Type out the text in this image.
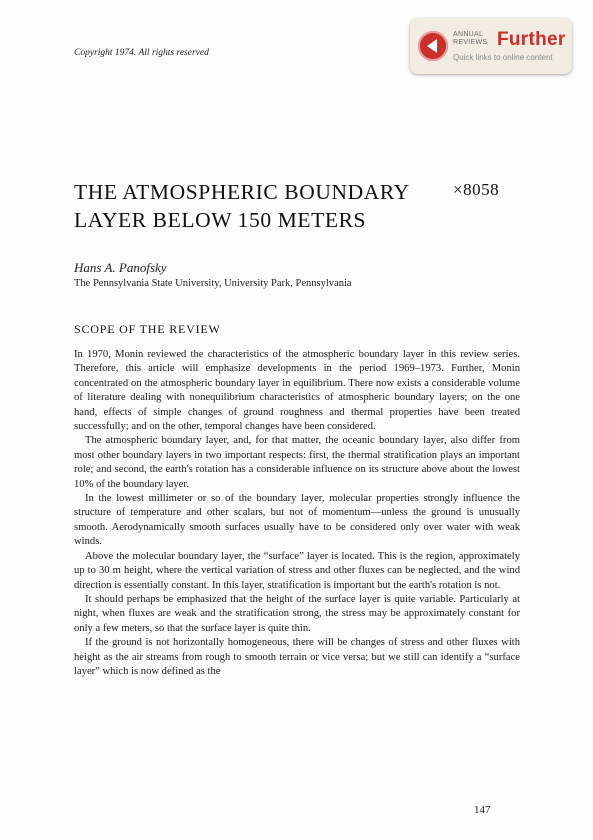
Copyright 1974. All rights reserved
ANNUAL
REVIEWS Further
Quick links to online content
THE ATMOSPHERIC BOUNDARY LAYER BELOW 150 METERS
×8058
Hans A. Panofsky
The Pennsylvania State University, University Park, Pennsylvania
SCOPE OF THE REVIEW

In 1970, Monin reviewed the characteristics of the atmospheric boundary layer in this review series. Therefore, this article will emphasize developments in the period 1969–1973. Further, Monin concentrated on the atmospheric boundary layer in equilibrium. There now exists a considerable volume of literature dealing with nonequilibrium characteristics of atmospheric boundary layers; on the one hand, effects of simple changes of ground roughness and thermal properties have been treated successfully; and on the other, temporal changes have been considered.

The atmospheric boundary layer, and, for that matter, the oceanic boundary layer, also differ from most other boundary layers in two important respects: first, the thermal stratification plays an important role; and second, the earth's rotation has a considerable influence on its structure above about the lowest 10% of the boundary layer.

In the lowest millimeter or so of the boundary layer, molecular properties strongly influence the structure of temperature and other scalars, but not of momentum—unless the ground is unusually smooth. Aerodynamically smooth surfaces usually have to be considered only over water with weak winds.

Above the molecular boundary layer, the “surface” layer is located. This is the region, approximately up to 30 m height, where the vertical variation of stress and other fluxes can be neglected, and the wind direction is essentially constant. In this layer, stratification is important but the earth's rotation is not.

It should perhaps be emphasized that the height of the surface layer is quite variable. Particularly at night, when fluxes are weak and the stratification strong, the stress may be approximately constant for only a few meters, so that the surface layer is quite thin.

If the ground is not horizontally homogeneous, there will be changes of stress and other fluxes with height as the air streams from rough to smooth terrain or vice versa; but we still can identify a “surface layer” which is now defined as the

147
